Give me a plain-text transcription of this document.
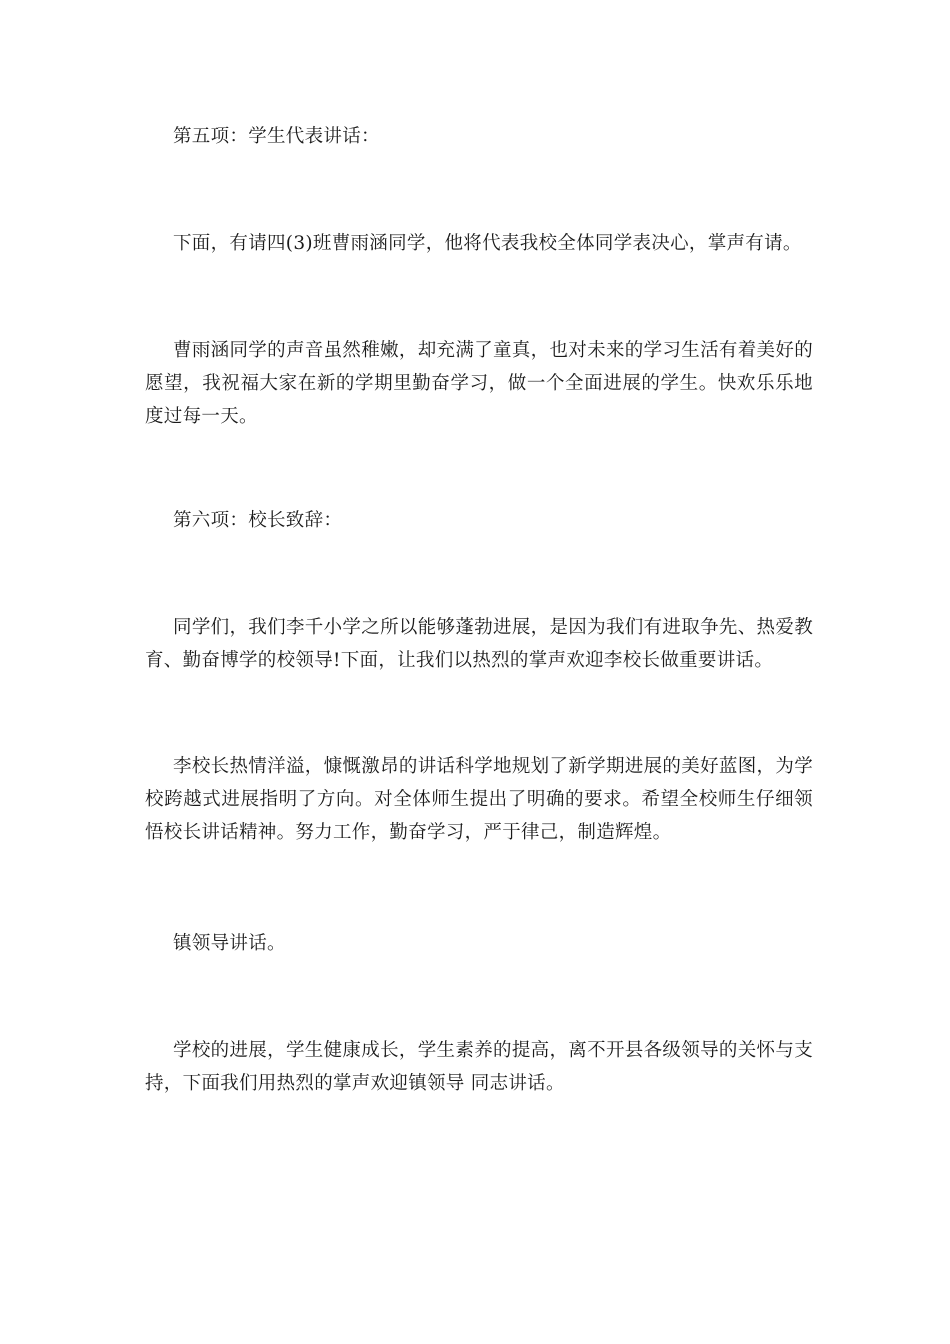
第五项：学生代表讲话：

下面，有请四(3)班曹雨涵同学，他将代表我校全体同学表决心，掌声有请。

曹雨涵同学的声音虽然稚嫩，却充满了童真，也对未来的学习生活有着美好的愿望，我祝福大家在新的学期里勤奋学习，做一个全面进展的学生。快欢乐乐地度过每一天。

第六项：校长致辞：

同学们，我们李千小学之所以能够蓬勃进展，是因为我们有进取争先、热爱教育、勤奋博学的校领导!下面，让我们以热烈的掌声欢迎李校长做重要讲话。

李校长热情洋溢，慷慨激昂的讲话科学地规划了新学期进展的美好蓝图，为学校跨越式进展指明了方向。对全体师生提出了明确的要求。希望全校师生仔细领悟校长讲话精神。努力工作，勤奋学习，严于律己，制造辉煌。

镇领导讲话。

学校的进展，学生健康成长，学生素养的提高，离不开县各级领导的关怀与支持，下面我们用热烈的掌声欢迎镇领导 同志讲话。
